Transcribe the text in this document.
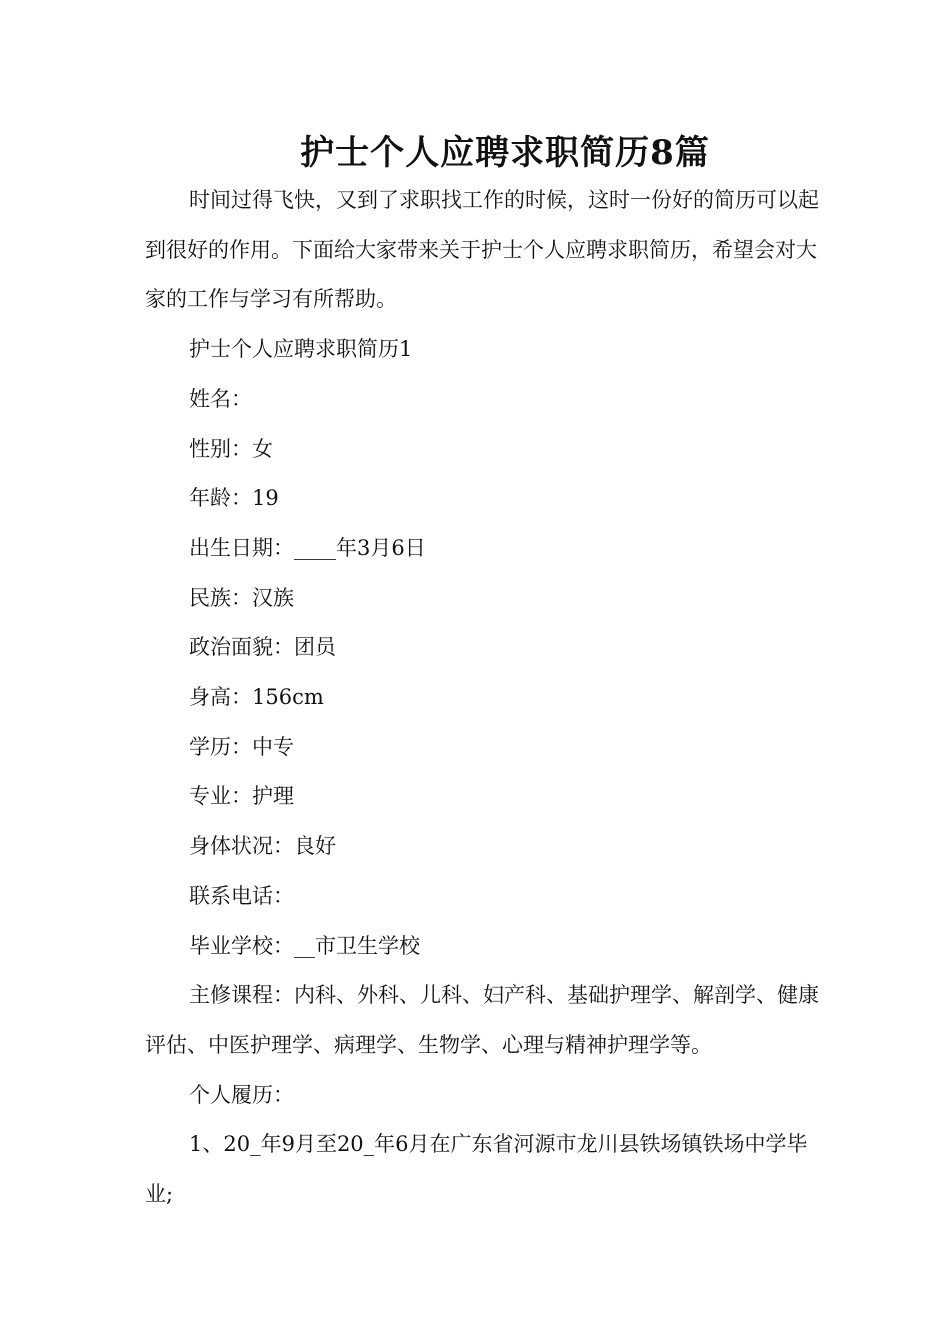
护士个人应聘求职简历8篇

时间过得飞快，又到了求职找工作的时候，这时一份好的简历可以起到很好的作用。下面给大家带来关于护士个人应聘求职简历，希望会对大家的工作与学习有所帮助。

护士个人应聘求职简历1

姓名：

性别：女

年龄：19

出生日期：____年3月6日

民族：汉族

政治面貌：团员

身高：156cm

学历：中专

专业：护理

身体状况：良好

联系电话：

毕业学校：__市卫生学校

主修课程：内科、外科、儿科、妇产科、基础护理学、解剖学、健康评估、中医护理学、病理学、生物学、心理与精神护理学等。

个人履历：

1、20_年9月至20_年6月在广东省河源市龙川县铁场镇铁场中学毕业;
